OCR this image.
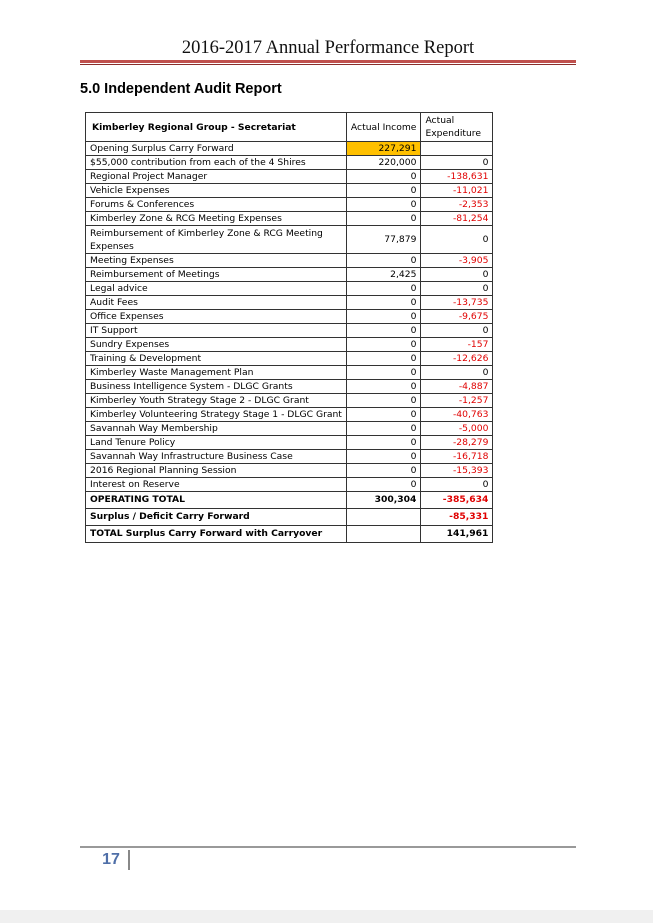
2016-2017 Annual Performance Report
5.0 Independent Audit Report
Kimberley Regional Group - Secretariat	Actual Income	Actual Expenditure
Opening Surplus Carry Forward	227,291	
$55,000 contribution from each of the 4 Shires	220,000	0
Regional Project Manager	0	-138,631
Vehicle Expenses	0	-11,021
Forums & Conferences	0	-2,353
Kimberley Zone & RCG Meeting Expenses	0	-81,254
Reimbursement of Kimberley Zone & RCG Meeting Expenses	77,879	0
Meeting Expenses	0	-3,905
Reimbursement of Meetings	2,425	0
Legal advice	0	0
Audit Fees	0	-13,735
Office Expenses	0	-9,675
IT Support	0	0
Sundry Expenses	0	-157
Training & Development	0	-12,626
Kimberley Waste Management Plan	0	0
Business Intelligence System - DLGC Grants	0	-4,887
Kimberley Youth Strategy Stage 2 - DLGC Grant	0	-1,257
Kimberley Volunteering Strategy Stage 1 - DLGC Grant	0	-40,763
Savannah Way Membership	0	-5,000
Land Tenure Policy	0	-28,279
Savannah Way Infrastructure Business Case	0	-16,718
2016 Regional Planning Session	0	-15,393
Interest on Reserve	0	0
OPERATING TOTAL	300,304	-385,634
Surplus / Deficit Carry Forward		-85,331
TOTAL Surplus Carry Forward with Carryover		141,961
17
